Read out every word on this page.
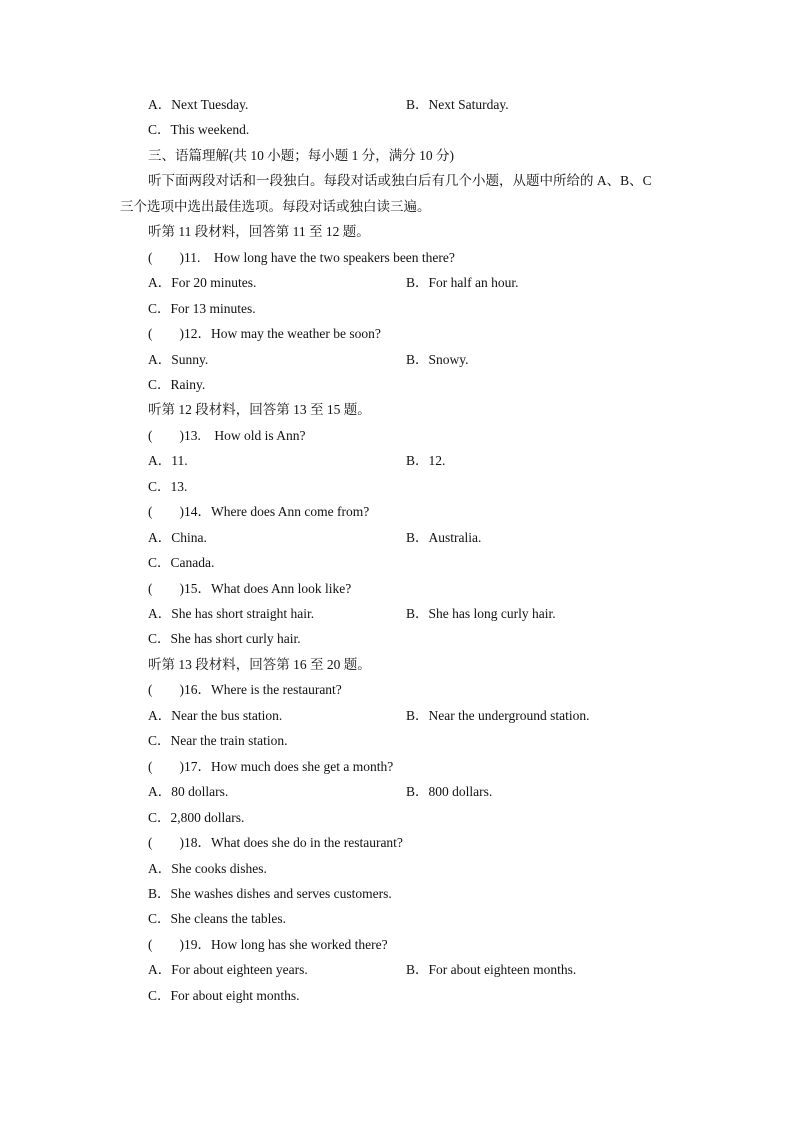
A．Next Tuesday.	B．Next Saturday.
C．This weekend.
三、语篇理解(共 10 小题；每小题 1 分，满分 10 分)
听下面两段对话和一段独白。每段对话或独白后有几个小题，从题中所给的 A、B、C
三个选项中选出最佳选项。每段对话或独白读三遍。
听第 11 段材料，回答第 11 至 12 题。
(　　)11.　How long have the two speakers been there?
A．For 20 minutes.	B．For half an hour.
C．For 13 minutes.
(　　)12．How may the weather be soon?
A．Sunny.	B．Snowy.
C．Rainy.
听第 12 段材料，回答第 13 至 15 题。
(　　)13.　How old is Ann?
A．11.	B．12.
C．13.
(　　)14．Where does Ann come from?
A．China.	B．Australia.
C．Canada.
(　　)15．What does Ann look like?
A．She has short straight hair.	B．She has long curly hair.
C．She has short curly hair.
听第 13 段材料，回答第 16 至 20 题。
(　　)16．Where is the restaurant?
A．Near the bus station.	B．Near the underground station.
C．Near the train station.
(　　)17．How much does she get a month?
A．80 dollars.	B．800 dollars.
C．2,800 dollars.
(　　)18．What does she do in the restaurant?
A．She cooks dishes.
B．She washes dishes and serves customers.
C．She cleans the tables.
(　　)19．How long has she worked there?
A．For about eighteen years.	B．For about eighteen months.
C．For about eight months.
